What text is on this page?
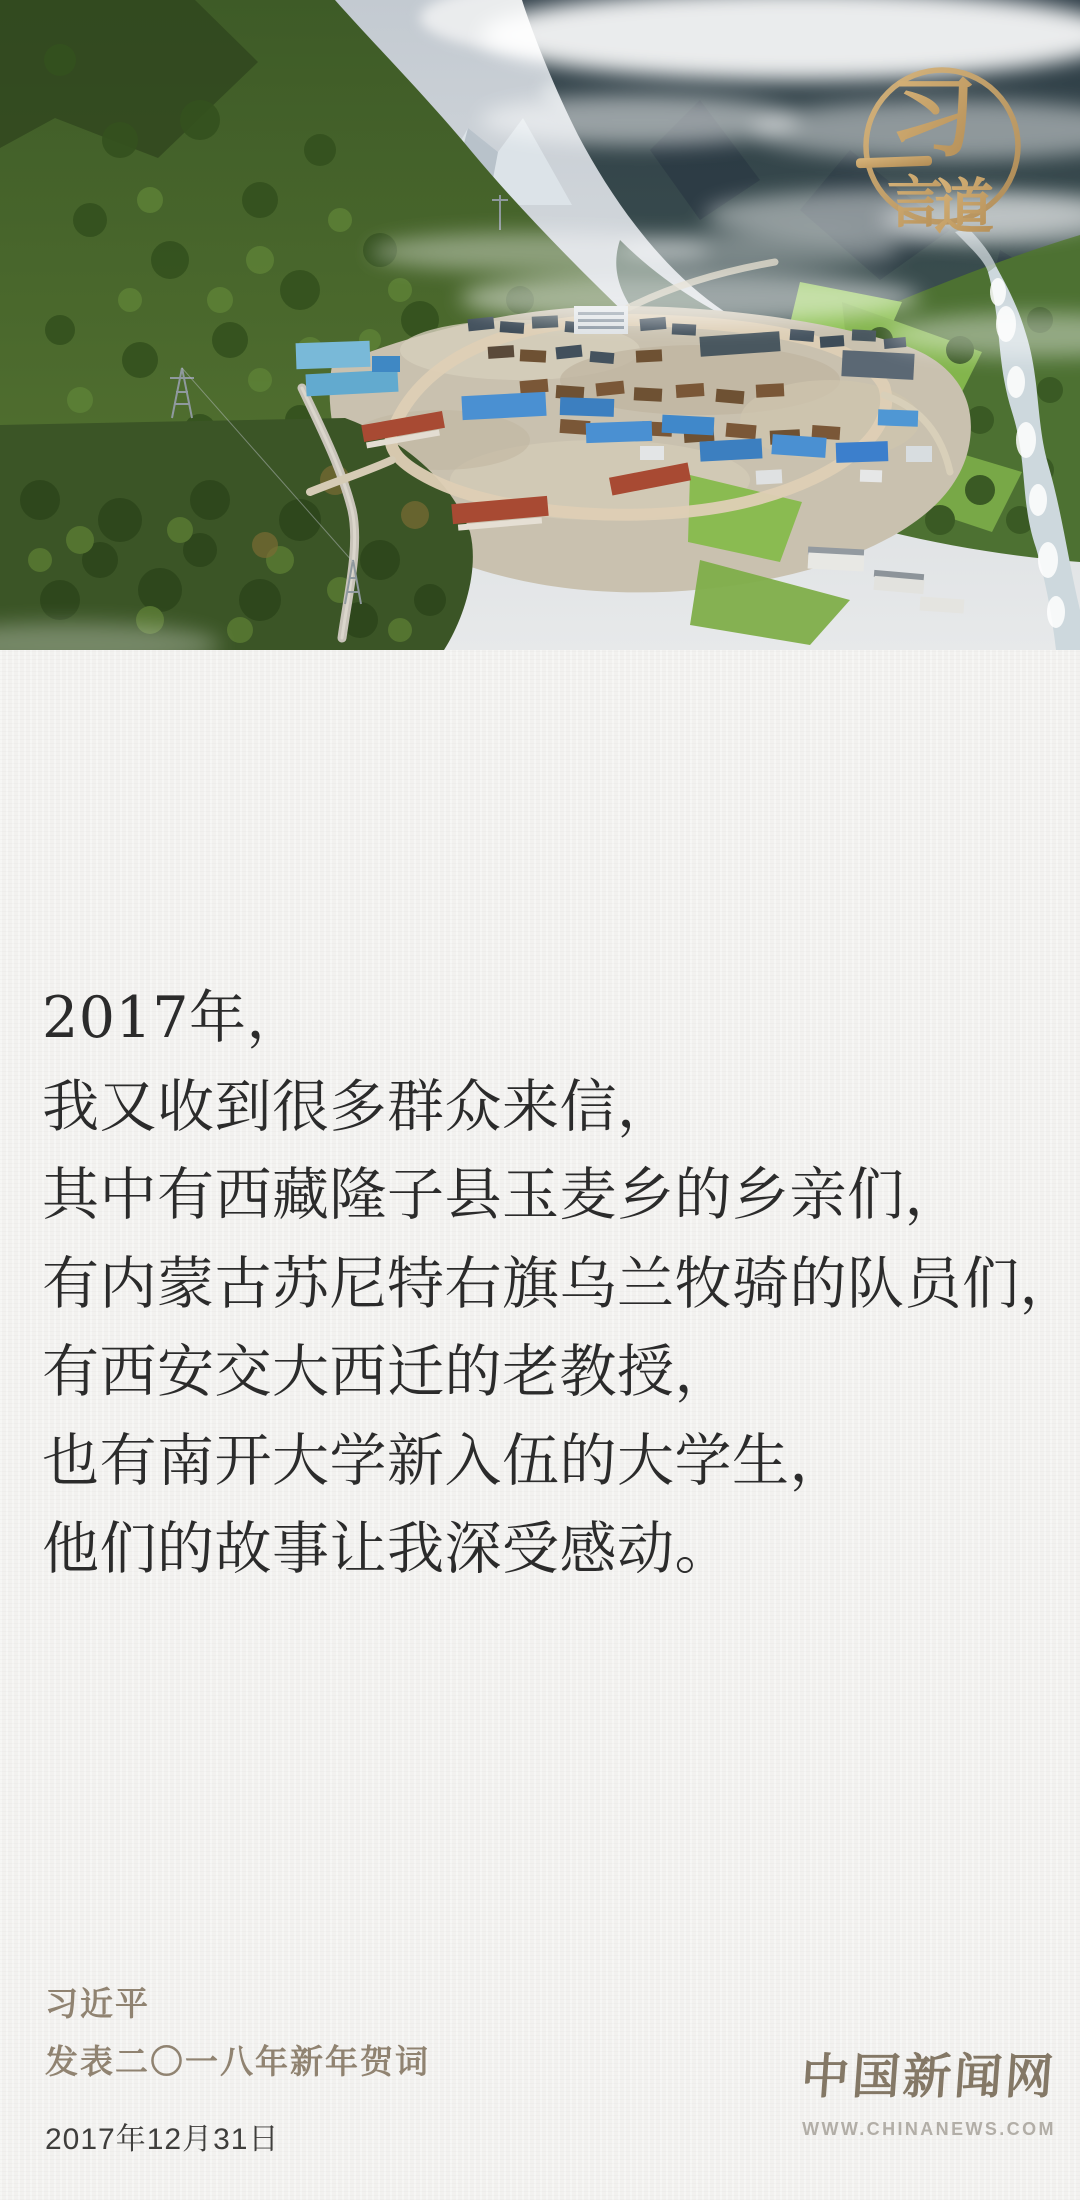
习
言
道
2017年，
我又收到很多群众来信，
其中有西藏隆子县玉麦乡的乡亲们，
有内蒙古苏尼特右旗乌兰牧骑的队员们，
有西安交大西迁的老教授，
也有南开大学新入伍的大学生，
他们的故事让我深受感动。
习近平
发表二〇一八年新年贺词
2017年12月31日
中国新闻网
WWW.CHINANEWS.COM
